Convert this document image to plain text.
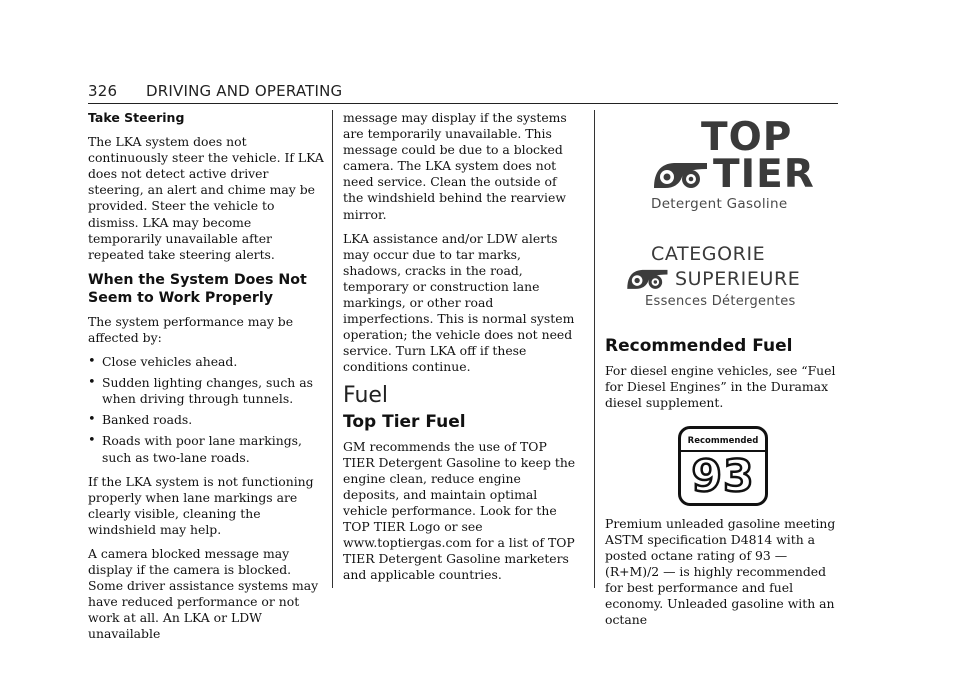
326 DRIVING AND OPERATING
Take Steering

The LKA system does not continuously steer the vehicle. If LKA does not detect active driver steering, an alert and chime may be provided. Steer the vehicle to dismiss. LKA may become temporarily unavailable after repeated take steering alerts.

When the System Does Not Seem to Work Properly

The system performance may be affected by:

• Close vehicles ahead.
• Sudden lighting changes, such as when driving through tunnels.
• Banked roads.
• Roads with poor lane markings, such as two-lane roads.

If the LKA system is not functioning properly when lane markings are clearly visible, cleaning the windshield may help.

A camera blocked message may display if the camera is blocked. Some driver assistance systems may have reduced performance or not work at all. An LKA or LDW unavailable

message may display if the systems are temporarily unavailable. This message could be due to a blocked camera. The LKA system does not need service. Clean the outside of the windshield behind the rearview mirror.

LKA assistance and/or LDW alerts may occur due to tar marks, shadows, cracks in the road, temporary or construction lane markings, or other road imperfections. This is normal system operation; the vehicle does not need service. Turn LKA off if these conditions continue.

Fuel
Top Tier Fuel

GM recommends the use of TOP TIER Detergent Gasoline to keep the engine clean, reduce engine deposits, and maintain optimal vehicle performance. Look for the TOP TIER Logo or see www.toptiergas.com for a list of TOP TIER Detergent Gasoline marketers and applicable countries.

TOP
TIER
Detergent Gasoline
CATEGORIE
SUPERIEURE
Essences Détergentes
Recommended Fuel

For diesel engine vehicles, see “Fuel for Diesel Engines” in the Duramax diesel supplement.

Recommended
93

Premium unleaded gasoline meeting ASTM specification D4814 with a posted octane rating of 93 — (R+M)/2 — is highly recommended for best performance and fuel economy. Unleaded gasoline with an octane
